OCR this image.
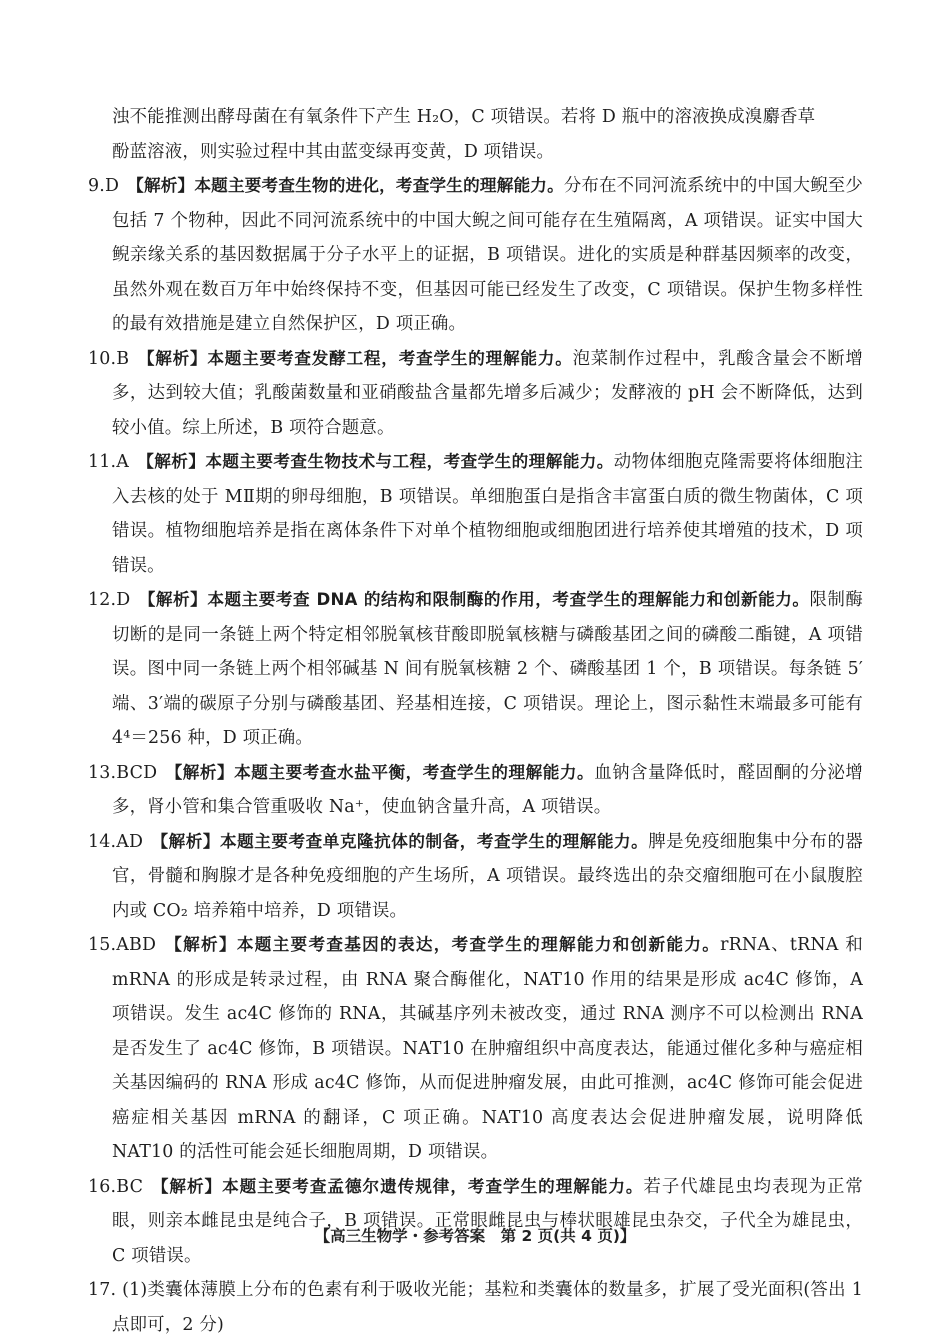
浊不能推测出酵母菌在有氧条件下产生 H₂O，C 项错误。若将 D 瓶中的溶液换成溴麝香草

酚蓝溶液，则实验过程中其由蓝变绿再变黄，D 项错误。

9.D 【解析】本题主要考查生物的进化，考查学生的理解能力。分布在不同河流系统中的中国大鲵至少包括 7 个物种，因此不同河流系统中的中国大鲵之间可能存在生殖隔离，A 项错误。证实中国大鲵亲缘关系的基因数据属于分子水平上的证据，B 项错误。进化的实质是种群基因频率的改变，虽然外观在数百万年中始终保持不变，但基因可能已经发生了改变，C 项错误。保护生物多样性的最有效措施是建立自然保护区，D 项正确。
10.B 【解析】本题主要考查发酵工程，考查学生的理解能力。泡菜制作过程中，乳酸含量会不断增多，达到较大值；乳酸菌数量和亚硝酸盐含量都先增多后减少；发酵液的 pH 会不断降低，达到较小值。综上所述，B 项符合题意。
11.A 【解析】本题主要考查生物技术与工程，考查学生的理解能力。动物体细胞克隆需要将体细胞注入去核的处于 MⅡ期的卵母细胞，B 项错误。单细胞蛋白是指含丰富蛋白质的微生物菌体，C 项错误。植物细胞培养是指在离体条件下对单个植物细胞或细胞团进行培养使其增殖的技术，D 项错误。
12.D 【解析】本题主要考查 DNA 的结构和限制酶的作用，考查学生的理解能力和创新能力。限制酶切断的是同一条链上两个特定相邻脱氧核苷酸即脱氧核糖与磷酸基团之间的磷酸二酯键，A 项错误。图中同一条链上两个相邻碱基 N 间有脱氧核糖 2 个、磷酸基团 1 个，B 项错误。每条链 5′端、3′端的碳原子分别与磷酸基团、羟基相连接，C 项错误。理论上，图示黏性末端最多可能有 4⁴＝256 种，D 项正确。
13.BCD 【解析】本题主要考查水盐平衡，考查学生的理解能力。血钠含量降低时，醛固酮的分泌增多，肾小管和集合管重吸收 Na⁺，使血钠含量升高，A 项错误。
14.AD 【解析】本题主要考查单克隆抗体的制备，考查学生的理解能力。脾是免疫细胞集中分布的器官，骨髓和胸腺才是各种免疫细胞的产生场所，A 项错误。最终选出的杂交瘤细胞可在小鼠腹腔内或 CO₂ 培养箱中培养，D 项错误。
15.ABD 【解析】本题主要考查基因的表达，考查学生的理解能力和创新能力。rRNA、tRNA 和 mRNA 的形成是转录过程，由 RNA 聚合酶催化，NAT10 作用的结果是形成 ac4C 修饰，A 项错误。发生 ac4C 修饰的 RNA，其碱基序列未被改变，通过 RNA 测序不可以检测出 RNA 是否发生了 ac4C 修饰，B 项错误。NAT10 在肿瘤组织中高度表达，能通过催化多种与癌症相关基因编码的 RNA 形成 ac4C 修饰，从而促进肿瘤发展，由此可推测，ac4C 修饰可能会促进癌症相关基因 mRNA 的翻译，C 项正确。NAT10 高度表达会促进肿瘤发展，说明降低 NAT10 的活性可能会延长细胞周期，D 项错误。
16.BC 【解析】本题主要考查孟德尔遗传规律，考查学生的理解能力。若子代雄昆虫均表现为正常眼，则亲本雌昆虫是纯合子，B 项错误。正常眼雌昆虫与棒状眼雄昆虫杂交，子代全为雄昆虫，C 项错误。
17. (1)类囊体薄膜上分布的色素有利于吸收光能；基粒和类囊体的数量多，扩展了受光面积(答出 1 点即可，2 分)
【高三生物学・参考答案　第 2 页(共 4 页)】
